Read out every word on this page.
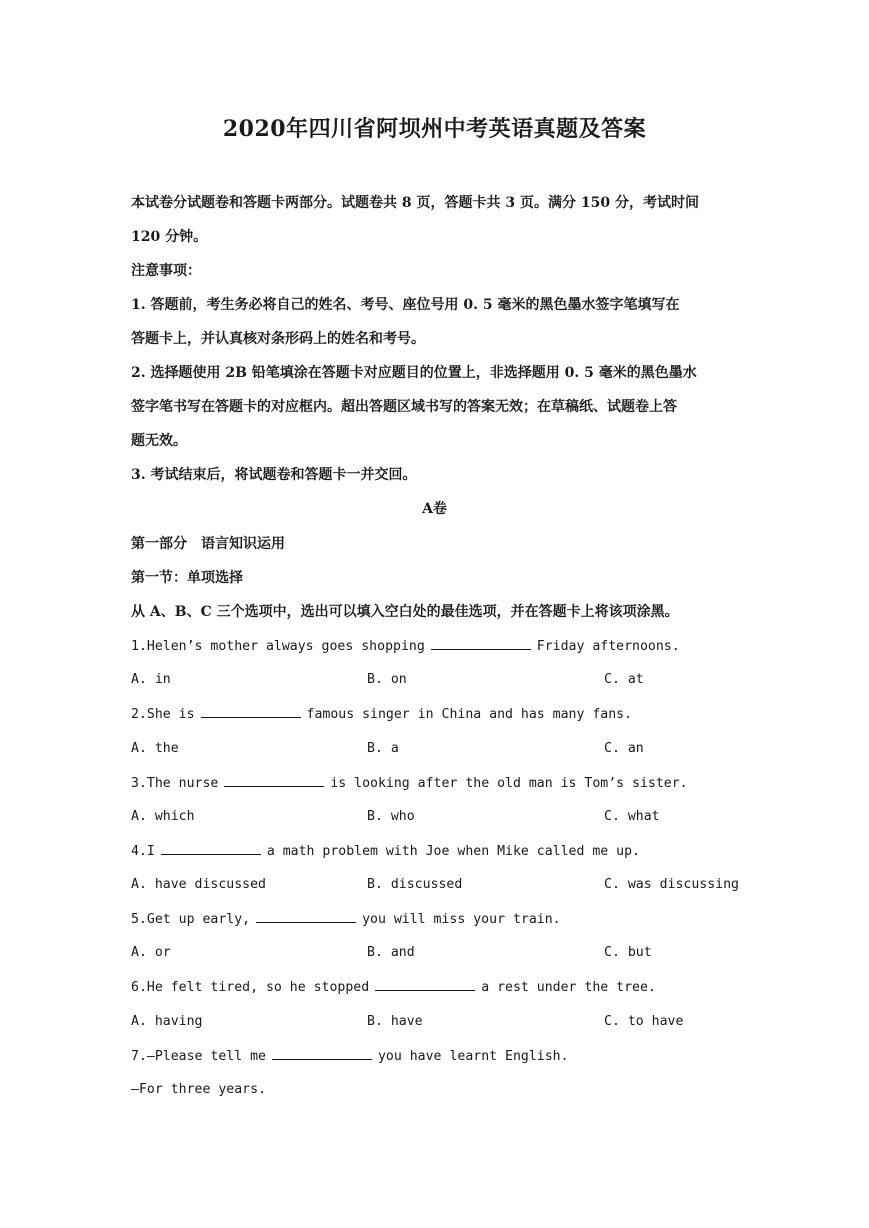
2020年四川省阿坝州中考英语真题及答案
本试卷分试题卷和答题卡两部分。试题卷共 8 页，答题卡共 3 页。满分 150 分，考试时间
120 分钟。
注意事项：
1. 答题前，考生务必将自己的姓名、考号、座位号用 0. 5 毫米的黑色墨水签字笔填写在
答题卡上，并认真核对条形码上的姓名和考号。
2. 选择题使用 2B 铅笔填涂在答题卡对应题目的位置上，非选择题用 0. 5 毫米的黑色墨水
签字笔书写在答题卡的对应框内。超出答题区域书写的答案无效；在草稿纸、试题卷上答
题无效。
3. 考试结束后，将试题卷和答题卡一并交回。
A卷
第一部分　语言知识运用
第一节：单项选择
从 A、B、C 三个选项中，选出可以填入空白处的最佳选项，并在答题卡上将该项涂黑。
1.Helen’s mother always goes shopping	Friday afternoons.
A. in	B. on	C. at
2.She is	famous singer in China and has many fans.
A. the	B. a	C. an
3.The nurse	is looking after the old man is Tom’s sister.
A. which	B. who	C. what
4.I	a math problem with Joe when Mike called me up.
A. have discussed	B. discussed	C. was discussing
5.Get up early,	you will miss your train.
A. or	B. and	C. but
6.He felt tired, so he stopped	a rest under the tree.
A. having	B. have	C. to have
7.—Please tell me	you have learnt English.
—For three years.
